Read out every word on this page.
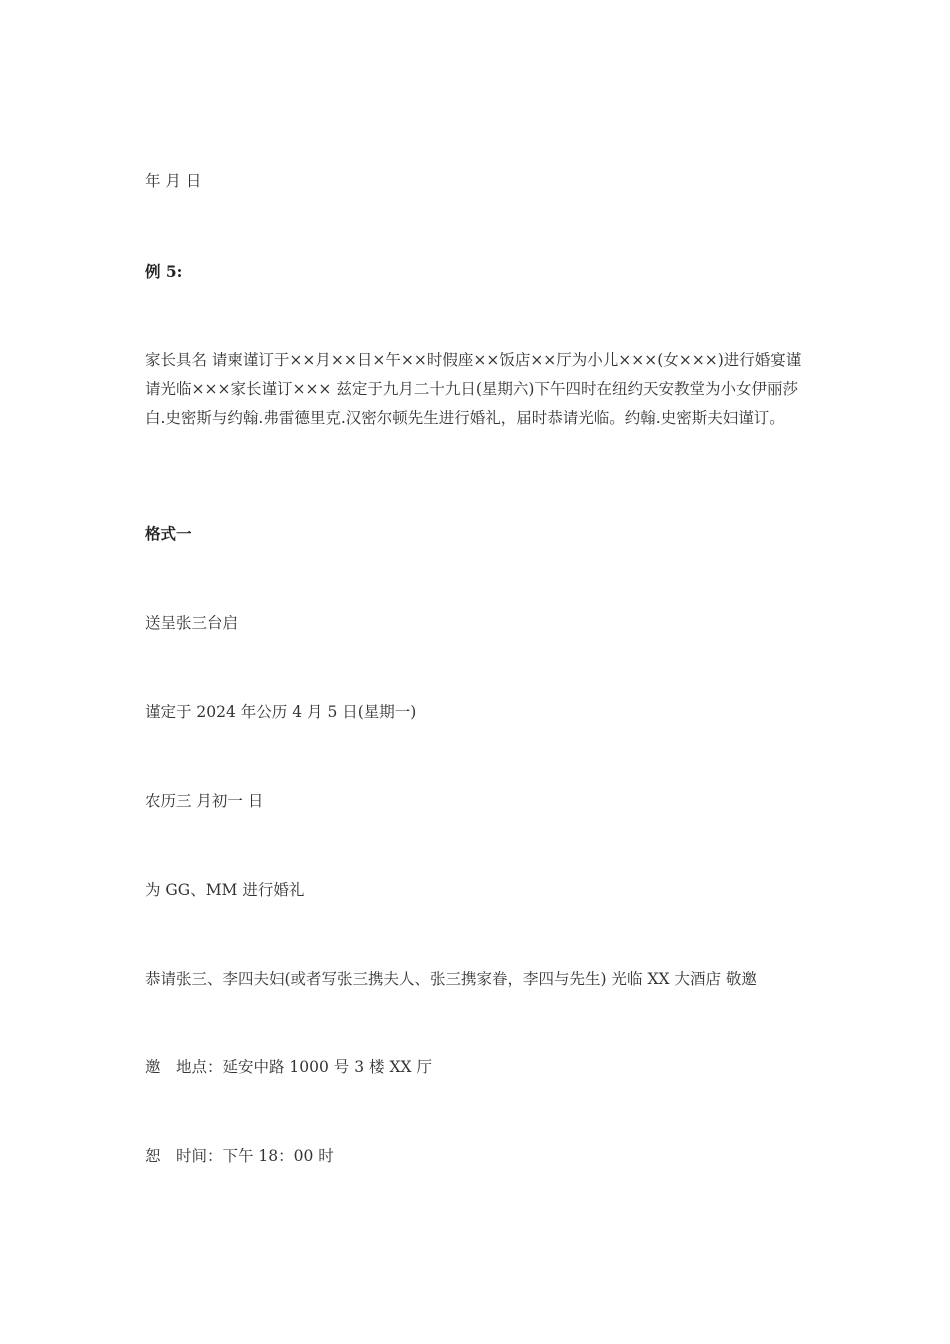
年 月 日
例 5:
家长具名 请柬谨订于××月××日×午××时假座××饭店××厅为小儿×××(女×××)进行婚宴谨请光临×××家长谨订××× 兹定于九月二十九日(星期六)下午四时在纽约天安教堂为小女伊丽莎白.史密斯与约翰.弗雷德里克.汉密尔顿先生进行婚礼，届时恭请光临。约翰.史密斯夫妇谨订。
格式一
送呈张三台启
谨定于 2024 年公历 4 月 5 日(星期一)
农历三 月初一 日
为 GG、MM 进行婚礼
恭请张三、李四夫妇(或者写张三携夫人、张三携家眷，李四与先生) 光临 XX 大酒店 敬邀
邀　地点：延安中路 1000 号 3 楼 XX 厅
恕　时间：下午 18：00 时
